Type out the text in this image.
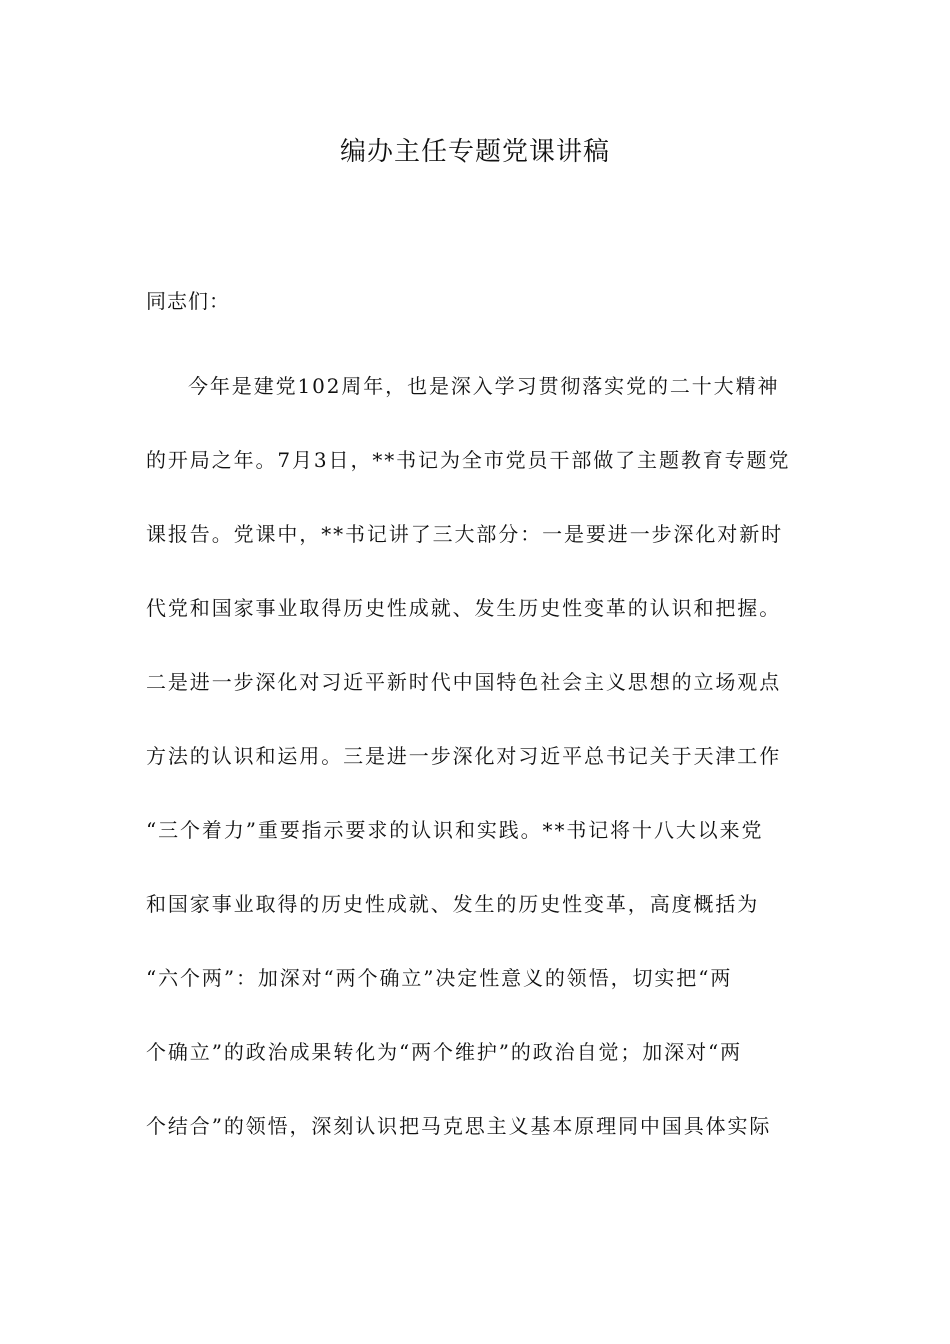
编办主任专题党课讲稿
同志们：
今年是建党102周年，也是深入学习贯彻落实党的二十大精神
的开局之年。7月3日，**书记为全市党员干部做了主题教育专题党
课报告。党课中，**书记讲了三大部分：一是要进一步深化对新时
代党和国家事业取得历史性成就、发生历史性变革的认识和把握。
二是进一步深化对习近平新时代中国特色社会主义思想的立场观点
方法的认识和运用。三是进一步深化对习近平总书记关于天津工作
“三个着力”重要指示要求的认识和实践。**书记将十八大以来党
和国家事业取得的历史性成就、发生的历史性变革，高度概括为
“六个两”：加深对“两个确立”决定性意义的领悟，切实把“两
个确立”的政治成果转化为“两个维护”的政治自觉；加深对“两
个结合”的领悟，深刻认识把马克思主义基本原理同中国具体实际
